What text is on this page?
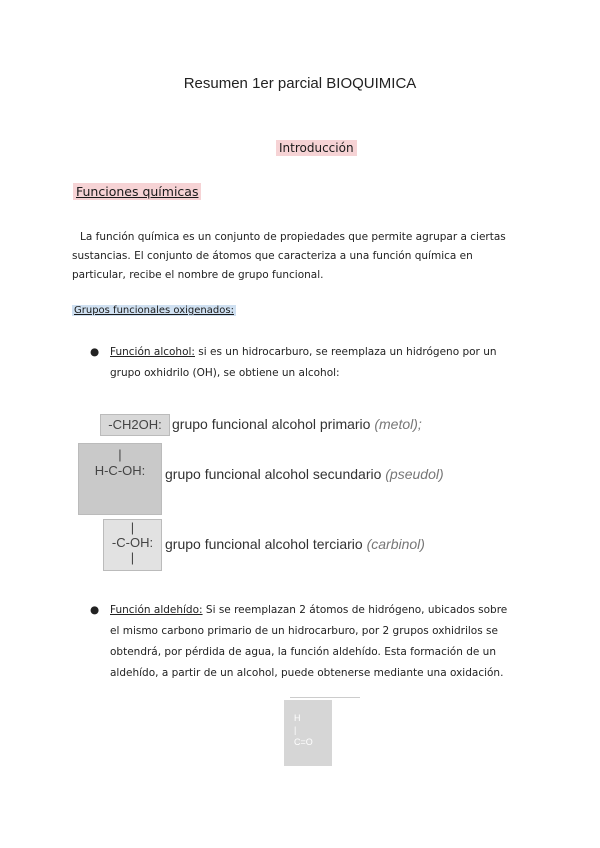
Resumen 1er parcial BIOQUIMICA
Introducción
Funciones químicas
La función química es un conjunto de propiedades que permite agrupar a ciertas
sustancias. El conjunto de átomos que caracteriza a una función química en
particular, recibe el nombre de grupo funcional.
Grupos funcionales oxigenados:
● Función alcohol: si es un hidrocarburo, se reemplaza un hidrógeno por un
grupo oxhidrilo (OH), se obtiene un alcohol:
-CH2OH: grupo funcional alcohol primario (metol);
|
H-C-OH:	grupo funcional alcohol secundario (pseudol)
|
-C-OH:
|
grupo funcional alcohol terciario (carbinol)
● Función aldehído: Si se reemplazan 2 átomos de hidrógeno, ubicados sobre
el mismo carbono primario de un hidrocarburo, por 2 grupos oxhidrilos se
obtendrá, por pérdida de agua, la función aldehído. Esta formación de un
aldehído, a partir de un alcohol, puede obtenerse mediante una oxidación.
H
|
C=O
